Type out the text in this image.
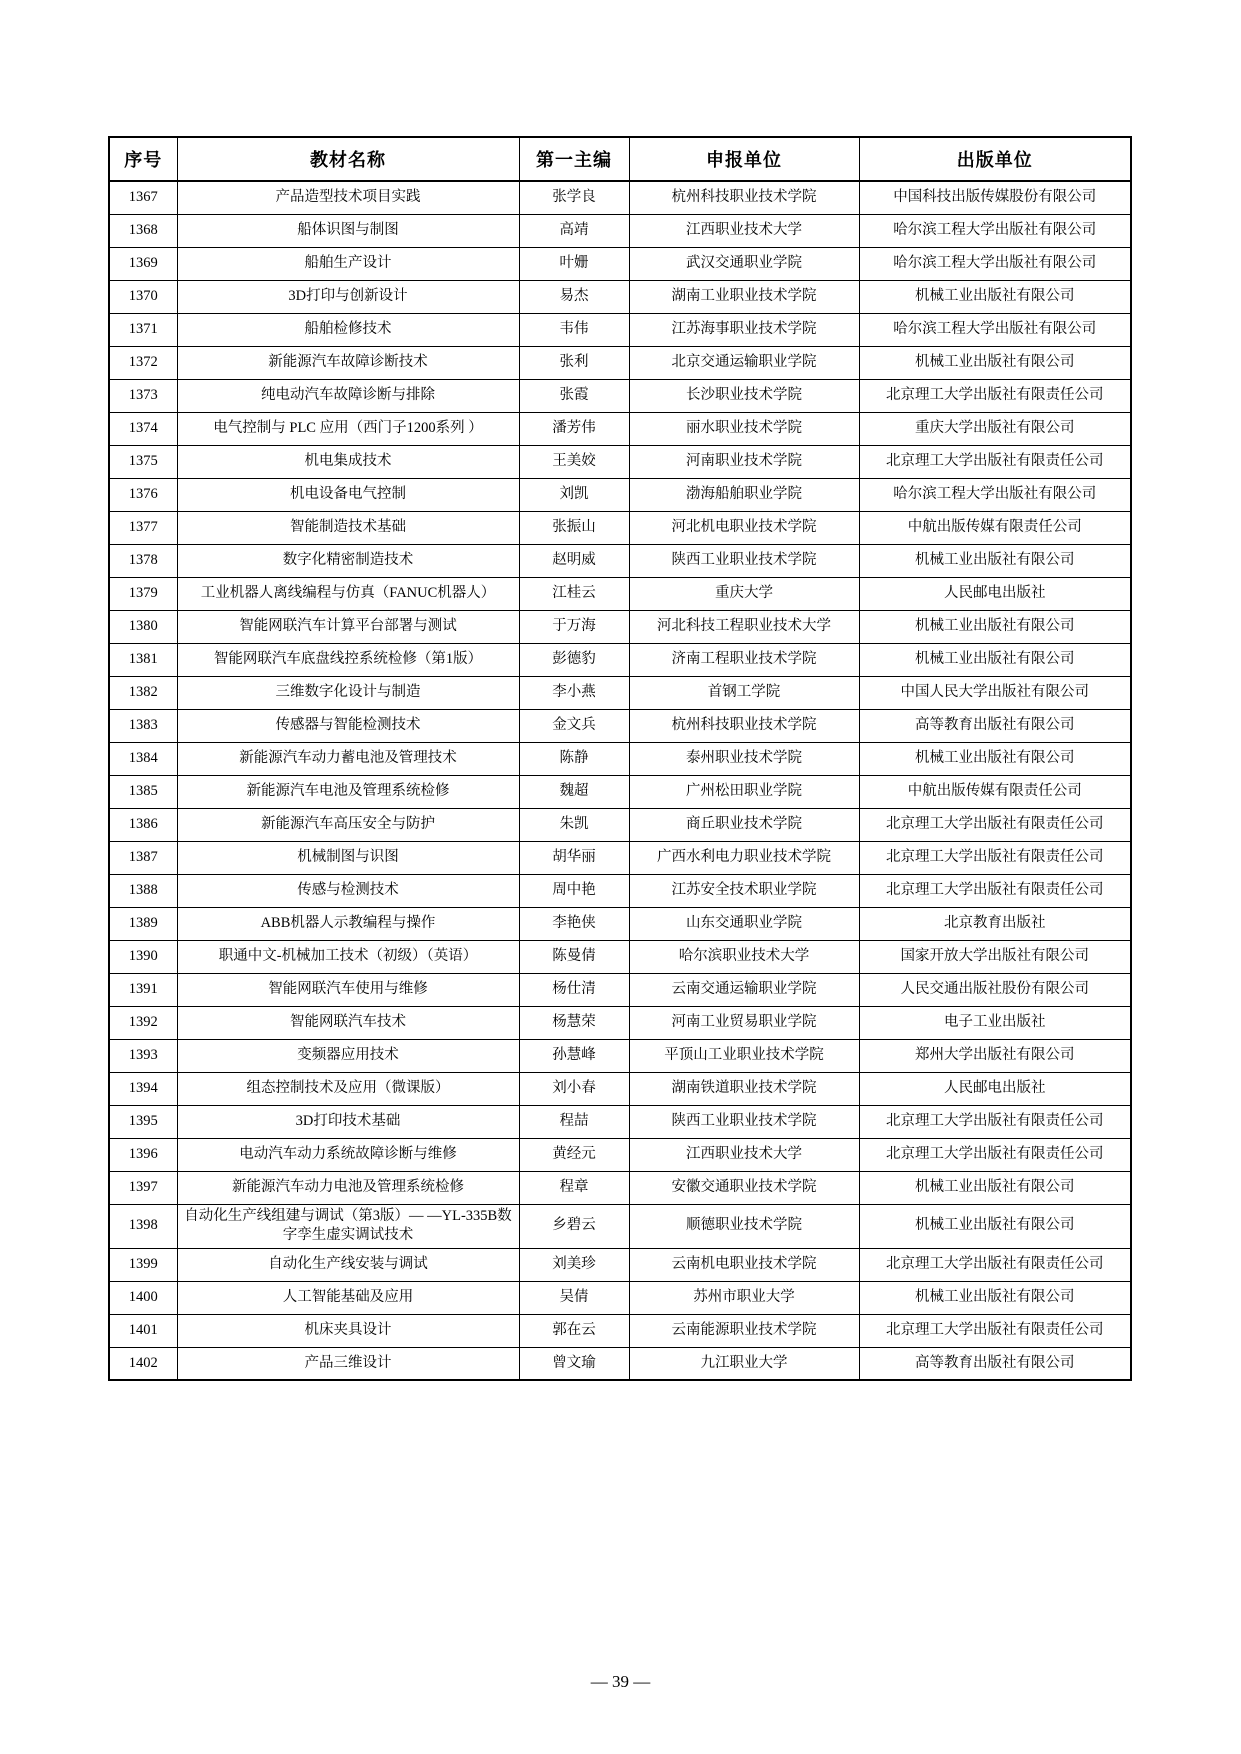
序号	教材名称	第一主编	申报单位	出版单位
1367	产品造型技术项目实践	张学良	杭州科技职业技术学院	中国科技出版传媒股份有限公司
1368	船体识图与制图	高靖	江西职业技术大学	哈尔滨工程大学出版社有限公司
1369	船舶生产设计	叶姗	武汉交通职业学院	哈尔滨工程大学出版社有限公司
1370	3D打印与创新设计	易杰	湖南工业职业技术学院	机械工业出版社有限公司
1371	船舶检修技术	韦伟	江苏海事职业技术学院	哈尔滨工程大学出版社有限公司
1372	新能源汽车故障诊断技术	张利	北京交通运输职业学院	机械工业出版社有限公司
1373	纯电动汽车故障诊断与排除	张霞	长沙职业技术学院	北京理工大学出版社有限责任公司
1374	电气控制与 PLC 应用（西门子1200系列 ）	潘芳伟	丽水职业技术学院	重庆大学出版社有限公司
1375	机电集成技术	王美姣	河南职业技术学院	北京理工大学出版社有限责任公司
1376	机电设备电气控制	刘凯	渤海船舶职业学院	哈尔滨工程大学出版社有限公司
1377	智能制造技术基础	张振山	河北机电职业技术学院	中航出版传媒有限责任公司
1378	数字化精密制造技术	赵明威	陕西工业职业技术学院	机械工业出版社有限公司
1379	工业机器人离线编程与仿真（FANUC机器人）	江桂云	重庆大学	人民邮电出版社
1380	智能网联汽车计算平台部署与测试	于万海	河北科技工程职业技术大学	机械工业出版社有限公司
1381	智能网联汽车底盘线控系统检修（第1版）	彭德豹	济南工程职业技术学院	机械工业出版社有限公司
1382	三维数字化设计与制造	李小燕	首钢工学院	中国人民大学出版社有限公司
1383	传感器与智能检测技术	金文兵	杭州科技职业技术学院	高等教育出版社有限公司
1384	新能源汽车动力蓄电池及管理技术	陈静	泰州职业技术学院	机械工业出版社有限公司
1385	新能源汽车电池及管理系统检修	魏超	广州松田职业学院	中航出版传媒有限责任公司
1386	新能源汽车高压安全与防护	朱凯	商丘职业技术学院	北京理工大学出版社有限责任公司
1387	机械制图与识图	胡华丽	广西水利电力职业技术学院	北京理工大学出版社有限责任公司
1388	传感与检测技术	周中艳	江苏安全技术职业学院	北京理工大学出版社有限责任公司
1389	ABB机器人示教编程与操作	李艳侠	山东交通职业学院	北京教育出版社
1390	职通中文-机械加工技术（初级）（英语）	陈曼倩	哈尔滨职业技术大学	国家开放大学出版社有限公司
1391	智能网联汽车使用与维修	杨仕清	云南交通运输职业学院	人民交通出版社股份有限公司
1392	智能网联汽车技术	杨慧荣	河南工业贸易职业学院	电子工业出版社
1393	变频器应用技术	孙慧峰	平顶山工业职业技术学院	郑州大学出版社有限公司
1394	组态控制技术及应用（微课版）	刘小春	湖南铁道职业技术学院	人民邮电出版社
1395	3D打印技术基础	程喆	陕西工业职业技术学院	北京理工大学出版社有限责任公司
1396	电动汽车动力系统故障诊断与维修	黄经元	江西职业技术大学	北京理工大学出版社有限责任公司
1397	新能源汽车动力电池及管理系统检修	程章	安徽交通职业技术学院	机械工业出版社有限公司
1398	自动化生产线组建与调试（第3版）— —YL-335B数字孪生虚实调试技术	乡碧云	顺德职业技术学院	机械工业出版社有限公司
1399	自动化生产线安装与调试	刘美珍	云南机电职业技术学院	北京理工大学出版社有限责任公司
1400	人工智能基础及应用	吴倩	苏州市职业大学	机械工业出版社有限公司
1401	机床夹具设计	郭在云	云南能源职业技术学院	北京理工大学出版社有限责任公司
1402	产品三维设计	曾文瑜	九江职业大学	高等教育出版社有限公司
— 39 —
